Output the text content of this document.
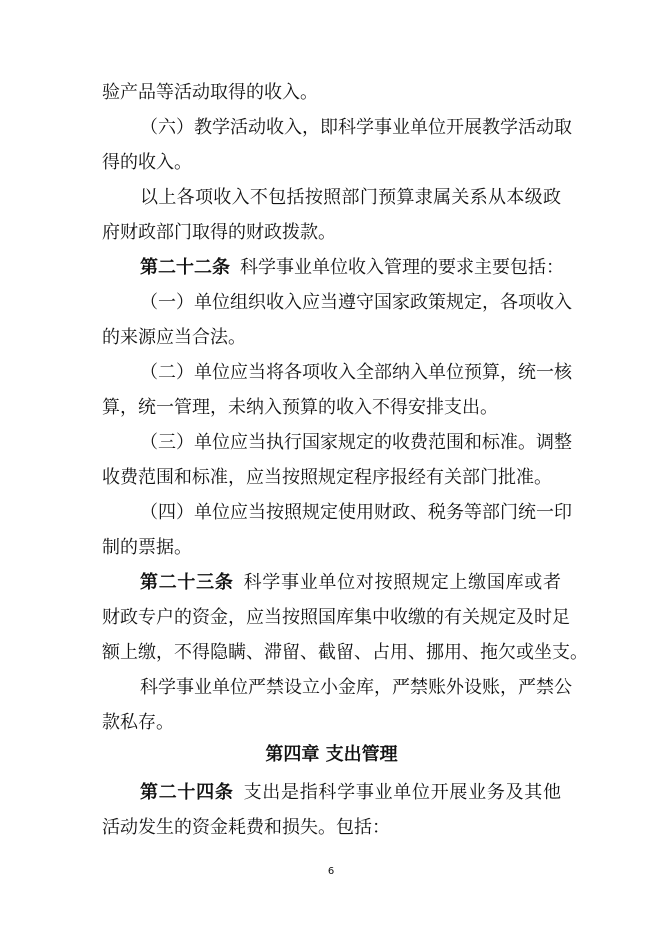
验产品等活动取得的收入。
（六）教学活动收入，即科学事业单位开展教学活动取
得的收入。
以上各项收入不包括按照部门预算隶属关系从本级政
府财政部门取得的财政拨款。
第二十二条 科学事业单位收入管理的要求主要包括：
（一）单位组织收入应当遵守国家政策规定，各项收入
的来源应当合法。
（二）单位应当将各项收入全部纳入单位预算，统一核
算，统一管理，未纳入预算的收入不得安排支出。
（三）单位应当执行国家规定的收费范围和标准。调整
收费范围和标准，应当按照规定程序报经有关部门批准。
（四）单位应当按照规定使用财政、税务等部门统一印
制的票据。
第二十三条 科学事业单位对按照规定上缴国库或者
财政专户的资金，应当按照国库集中收缴的有关规定及时足
额上缴，不得隐瞒、滞留、截留、占用、挪用、拖欠或坐支。
科学事业单位严禁设立小金库，严禁账外设账，严禁公
款私存。
第四章 支出管理
第二十四条 支出是指科学事业单位开展业务及其他
活动发生的资金耗费和损失。包括：
6
